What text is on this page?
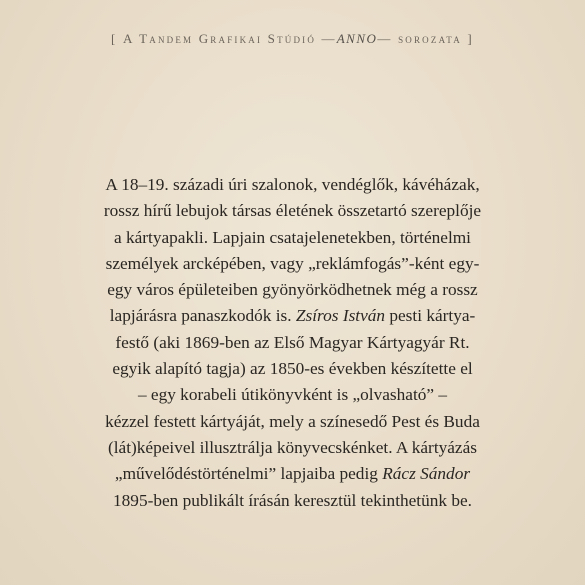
[ A Tandem Grafikai Stúdió —ANNO— sorozata ]
A 18–19. századi úri szalonok, vendéglők, kávéházak,
rossz hírű lebujok társas életének összetartó szereplője
a kártyapakli. Lapjain csatajelenetekben, történelmi
személyek arcképében, vagy „reklámfogás”-ként egy-
egy város épületeiben gyönyörködhetnek még a rossz
lapjárásra panaszkodók is. Zsíros István pesti kártya-
festő (aki 1869-ben az Első Magyar Kártyagyár Rt.
egyik alapító tagja) az 1850-es években készítette el
– egy korabeli útikönyvként is „olvasható” –
kézzel festett kártyáját, mely a színesedő Pest és Buda
(lát)képeivel illusztrálja könyvecskénket. A kártyázás
„művelődéstörténelmi” lapjaiba pedig Rácz Sándor
1895-ben publikált írásán keresztül tekinthetünk be.
